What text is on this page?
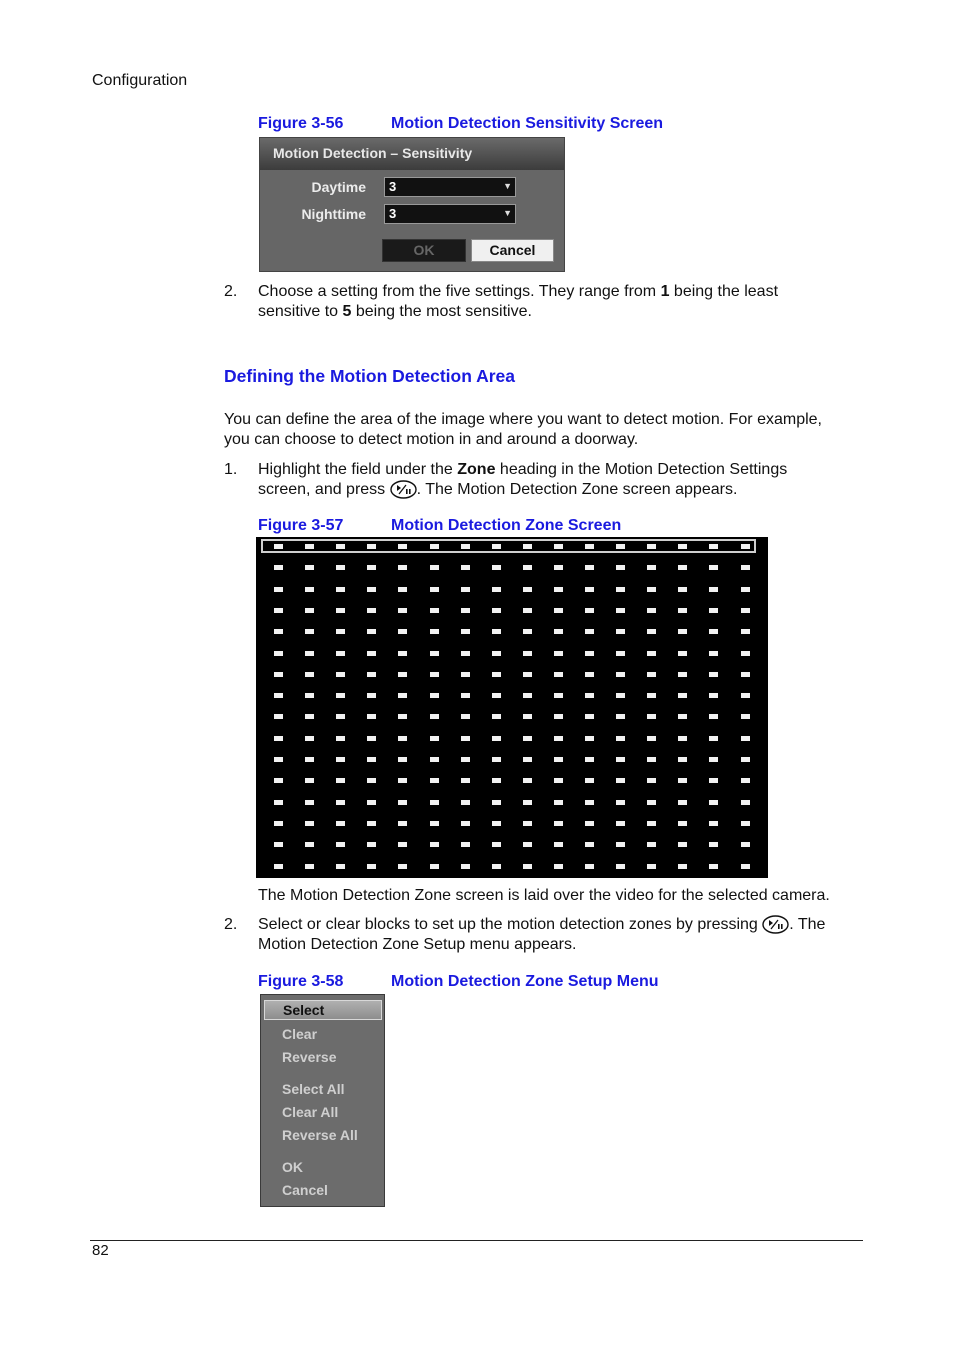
Configuration
Figure 3-56	Motion Detection Sensitivity Screen
Motion Detection – Sensitivity
Daytime	3	▼
Nighttime	3	▼
OK	Cancel
2. Choose a setting from the five settings. They range from 1 being the least
sensitive to 5 being the most sensitive.
Defining the Motion Detection Area
You can define the area of the image where you want to detect motion. For example,
you can choose to detect motion in and around a doorway.
1. Highlight the field under the Zone heading in the Motion Detection Settings
screen, and press . The Motion Detection Zone screen appears.
Figure 3-57	Motion Detection Zone Screen
The Motion Detection Zone screen is laid over the video for the selected camera.
2. Select or clear blocks to set up the motion detection zones by pressing . The
Motion Detection Zone Setup menu appears.
Figure 3-58	Motion Detection Zone Setup Menu
Select
Clear
Reverse
Select All
Clear All
Reverse All
OK
Cancel
82
